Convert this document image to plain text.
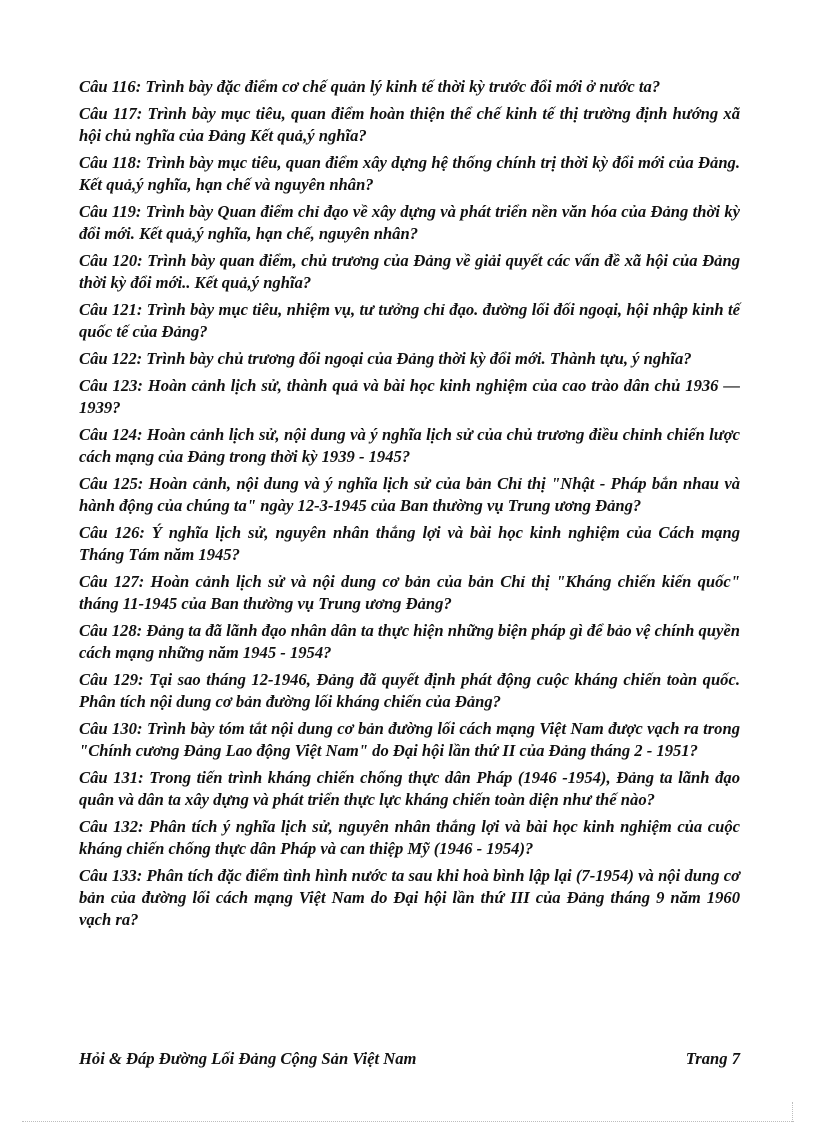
Câu 116: Trình bày đặc điểm cơ chế quản lý kinh tế thời kỳ trước đổi mới ở nước ta?

Câu 117: Trình bày mục tiêu, quan điểm hoàn thiện thể chế kinh tế thị trường định hướng xã hội chủ nghĩa của Đảng Kết quả,ý nghĩa?

Câu 118: Trình bày mục tiêu, quan điểm xây dựng hệ thống chính trị thời kỳ đổi mới của Đảng. Kết quả,ý nghĩa, hạn chế và nguyên nhân?

Câu 119: Trình bày Quan điểm chỉ đạo về xây dựng và phát triển nền văn hóa của Đảng thời kỳ đổi mới. Kết quả,ý nghĩa, hạn chế, nguyên nhân?

Câu 120: Trình bày quan điểm, chủ trương của Đảng về giải quyết các vấn đề xã hội của Đảng thời kỳ đổi mới.. Kết quả,ý nghĩa?

Câu 121: Trình bày mục tiêu, nhiệm vụ, tư tưởng chỉ đạo. đường lối đối ngoại, hội nhập kinh tế quốc tế của Đảng?

Câu 122: Trình bày chủ trương đối ngoại của Đảng thời kỳ đổi mới. Thành tựu, ý nghĩa?

Câu 123: Hoàn cảnh lịch sử, thành quả và bài học kinh nghiệm của cao trào dân chủ 1936 — 1939?

Câu 124: Hoàn cảnh lịch sử, nội dung và ý nghĩa lịch sử của chủ trương điều chỉnh chiến lược cách mạng của Đảng trong thời kỳ 1939 - 1945?

Câu 125: Hoàn cảnh, nội dung và ý nghĩa lịch sử của bản Chỉ thị "Nhật - Pháp bắn nhau và hành động của chúng ta" ngày 12-3-1945 của Ban thường vụ Trung ương Đảng?

Câu 126: Ý nghĩa lịch sử, nguyên nhân thắng lợi và bài học kinh nghiệm của Cách mạng Tháng Tám năm 1945?

Câu 127: Hoàn cảnh lịch sử và nội dung cơ bản của bản Chỉ thị "Kháng chiến kiến quốc" tháng 11-1945 của Ban thường vụ Trung ương Đảng?

Câu 128: Đảng ta đã lãnh đạo nhân dân ta thực hiện những biện pháp gì để bảo vệ chính quyền cách mạng những năm 1945 - 1954?

Câu 129: Tại sao tháng 12-1946, Đảng đã quyết định phát động cuộc kháng chiến toàn quốc. Phân tích nội dung cơ bản đường lối kháng chiến của Đảng?

Câu 130: Trình bày tóm tắt nội dung cơ bản đường lối cách mạng Việt Nam được vạch ra trong "Chính cương Đảng Lao động Việt Nam" do Đại hội lần thứ II của Đảng tháng 2 - 1951?

Câu 131: Trong tiến trình kháng chiến chống thực dân Pháp (1946 -1954), Đảng ta lãnh đạo quân và dân ta xây dựng và phát triển thực lực kháng chiến toàn diện như thế nào?

Câu 132: Phân tích ý nghĩa lịch sử, nguyên nhân thắng lợi và bài học kinh nghiệm của cuộc kháng chiến chống thực dân Pháp và can thiệp Mỹ (1946 - 1954)?

Câu 133: Phân tích đặc điểm tình hình nước ta sau khi hoà bình lập lại (7-1954) và nội dung cơ bản của đường lối cách mạng Việt Nam do Đại hội lần thứ III của Đảng tháng 9 năm 1960 vạch ra?

Hỏi & Đáp Đường Lối Đảng Cộng Sản Việt Nam	Trang 7
